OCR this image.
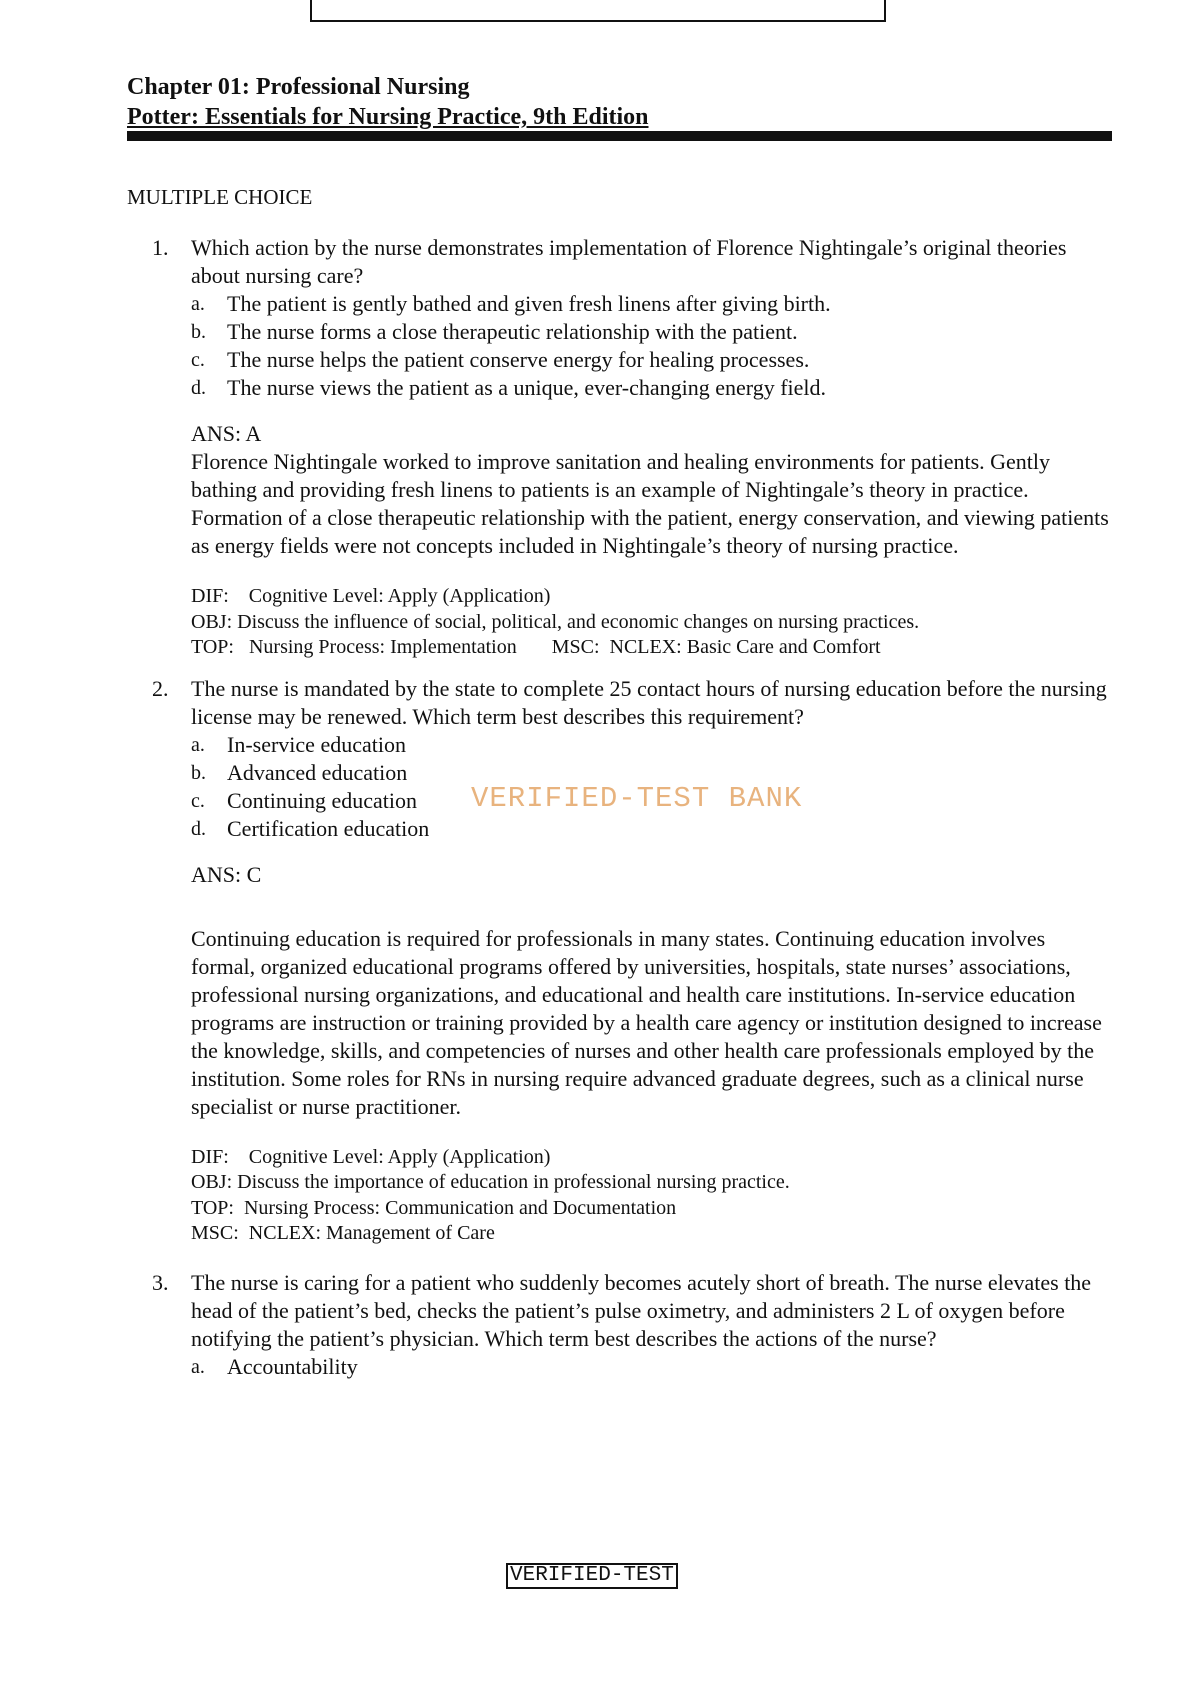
Chapter 01: Professional Nursing
Potter: Essentials for Nursing Practice, 9th Edition
MULTIPLE CHOICE
1. Which action by the nurse demonstrates implementation of Florence Nightingale’s original theories about nursing care?
a. The patient is gently bathed and given fresh linens after giving birth.
b. The nurse forms a close therapeutic relationship with the patient.
c. The nurse helps the patient conserve energy for healing processes.
d. The nurse views the patient as a unique, ever-changing energy field.
ANS: A
Florence Nightingale worked to improve sanitation and healing environments for patients. Gently bathing and providing fresh linens to patients is an example of Nightingale’s theory in practice. Formation of a close therapeutic relationship with the patient, energy conservation, and viewing patients as energy fields were not concepts included in Nightingale’s theory of nursing practice.
DIF:    Cognitive Level: Apply (Application)
OBJ: Discuss the influence of social, political, and economic changes on nursing practices.
TOP:   Nursing Process: Implementation       MSC:  NCLEX: Basic Care and Comfort
2. The nurse is mandated by the state to complete 25 contact hours of nursing education before the nursing license may be renewed. Which term best describes this requirement?
a. In-service education
b. Advanced education
c. Continuing education
d. Certification education
ANS: C
Continuing education is required for professionals in many states. Continuing education involves formal, organized educational programs offered by universities, hospitals, state nurses’ associations, professional nursing organizations, and educational and health care institutions. In-service education programs are instruction or training provided by a health care agency or institution designed to increase the knowledge, skills, and competencies of nurses and other health care professionals employed by the institution. Some roles for RNs in nursing require advanced graduate degrees, such as a clinical nurse specialist or nurse practitioner.
DIF:    Cognitive Level: Apply (Application)
OBJ: Discuss the importance of education in professional nursing practice.
TOP:  Nursing Process: Communication and Documentation
MSC:  NCLEX: Management of Care
3. The nurse is caring for a patient who suddenly becomes acutely short of breath. The nurse elevates the head of the patient’s bed, checks the patient’s pulse oximetry, and administers 2 L of oxygen before notifying the patient’s physician. Which term best describes the actions of the nurse?
a. Accountability
VERIFIED-TEST BANK
VERIFIED-TEST
